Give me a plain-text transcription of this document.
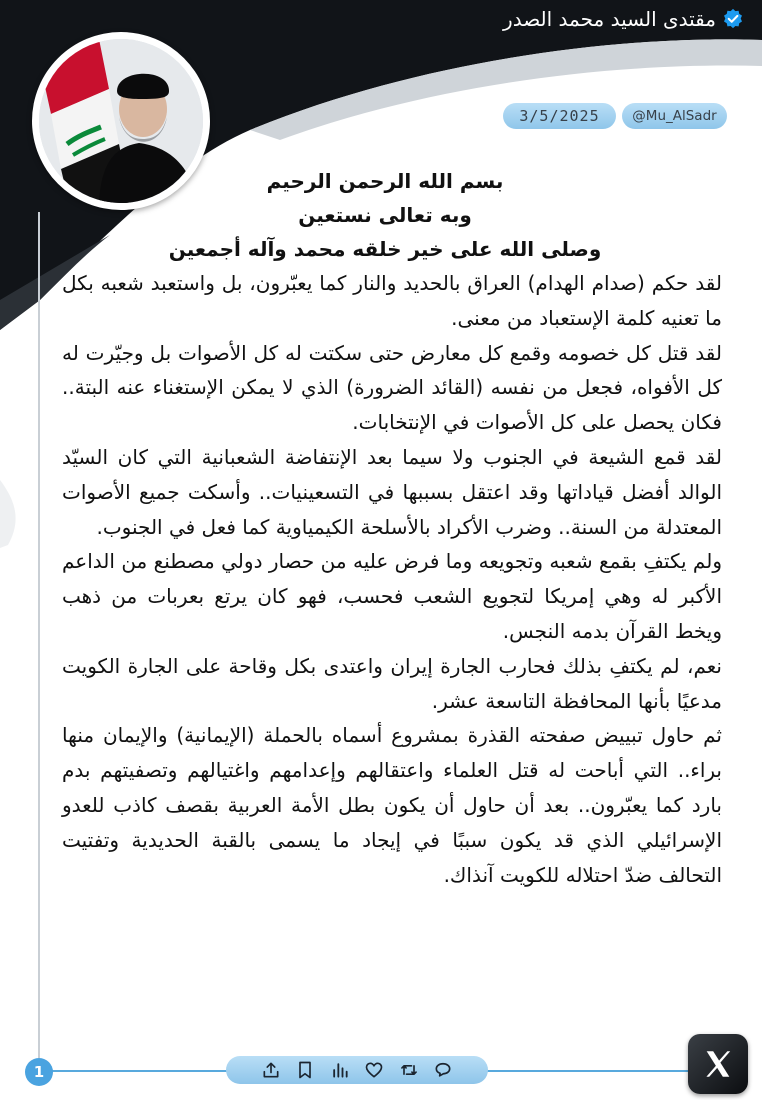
مقتدى السيد محمد الصدر
3/5/2025	@Mu_AlSadr
بسم الله الرحمن الرحيم
وبه تعالى نستعين
وصلى الله على خير خلقه محمد وآله أجمعين

لقد حكم (صدام الهدام) العراق بالحديد والنار كما يعبّرون، بل واستعبد شعبه بكل ما تعنيه كلمة الإستعباد من معنى.

لقد قتل كل خصومه وقمع كل معارض حتى سكتت له كل الأصوات بل وجيّرت له كل الأفواه، فجعل من نفسه (القائد الضرورة) الذي لا يمكن الإستغناء عنه البتة.. فكان يحصل على كل الأصوات في الإنتخابات.

لقد قمع الشيعة في الجنوب ولا سيما بعد الإنتفاضة الشعبانية التي كان السيّد الوالد أفضل قياداتها وقد اعتقل بسببها في التسعينيات.. وأسكت جميع الأصوات المعتدلة من السنة.. وضرب الأكراد بالأسلحة الكيمياوية كما فعل في الجنوب.

ولم يكتفِ بقمع شعبه وتجويعه وما فرض عليه من حصار دولي مصطنع من الداعم الأكبر له وهي إمريكا لتجويع الشعب فحسب، فهو كان يرتع بعربات من ذهب ويخط القرآن بدمه النجس.

نعم، لم يكتفِ بذلك فحارب الجارة إيران واعتدى بكل وقاحة على الجارة الكويت مدعيًا بأنها المحافظة التاسعة عشر.

ثم حاول تبييض صفحته القذرة بمشروع أسماه بالحملة (الإيمانية) والإيمان منها براء.. التي أباحت له قتل العلماء واعتقالهم وإعدامهم واغتيالهم وتصفيتهم بدم بارد كما يعبّرون.. بعد أن حاول أن يكون بطل الأمة العربية بقصف كاذب للعدو الإسرائيلي الذي قد يكون سببًا في إيجاد ما يسمى بالقبة الحديدية وتفتيت التحالف ضدّ احتلاله للكويت آنذاك.

1
